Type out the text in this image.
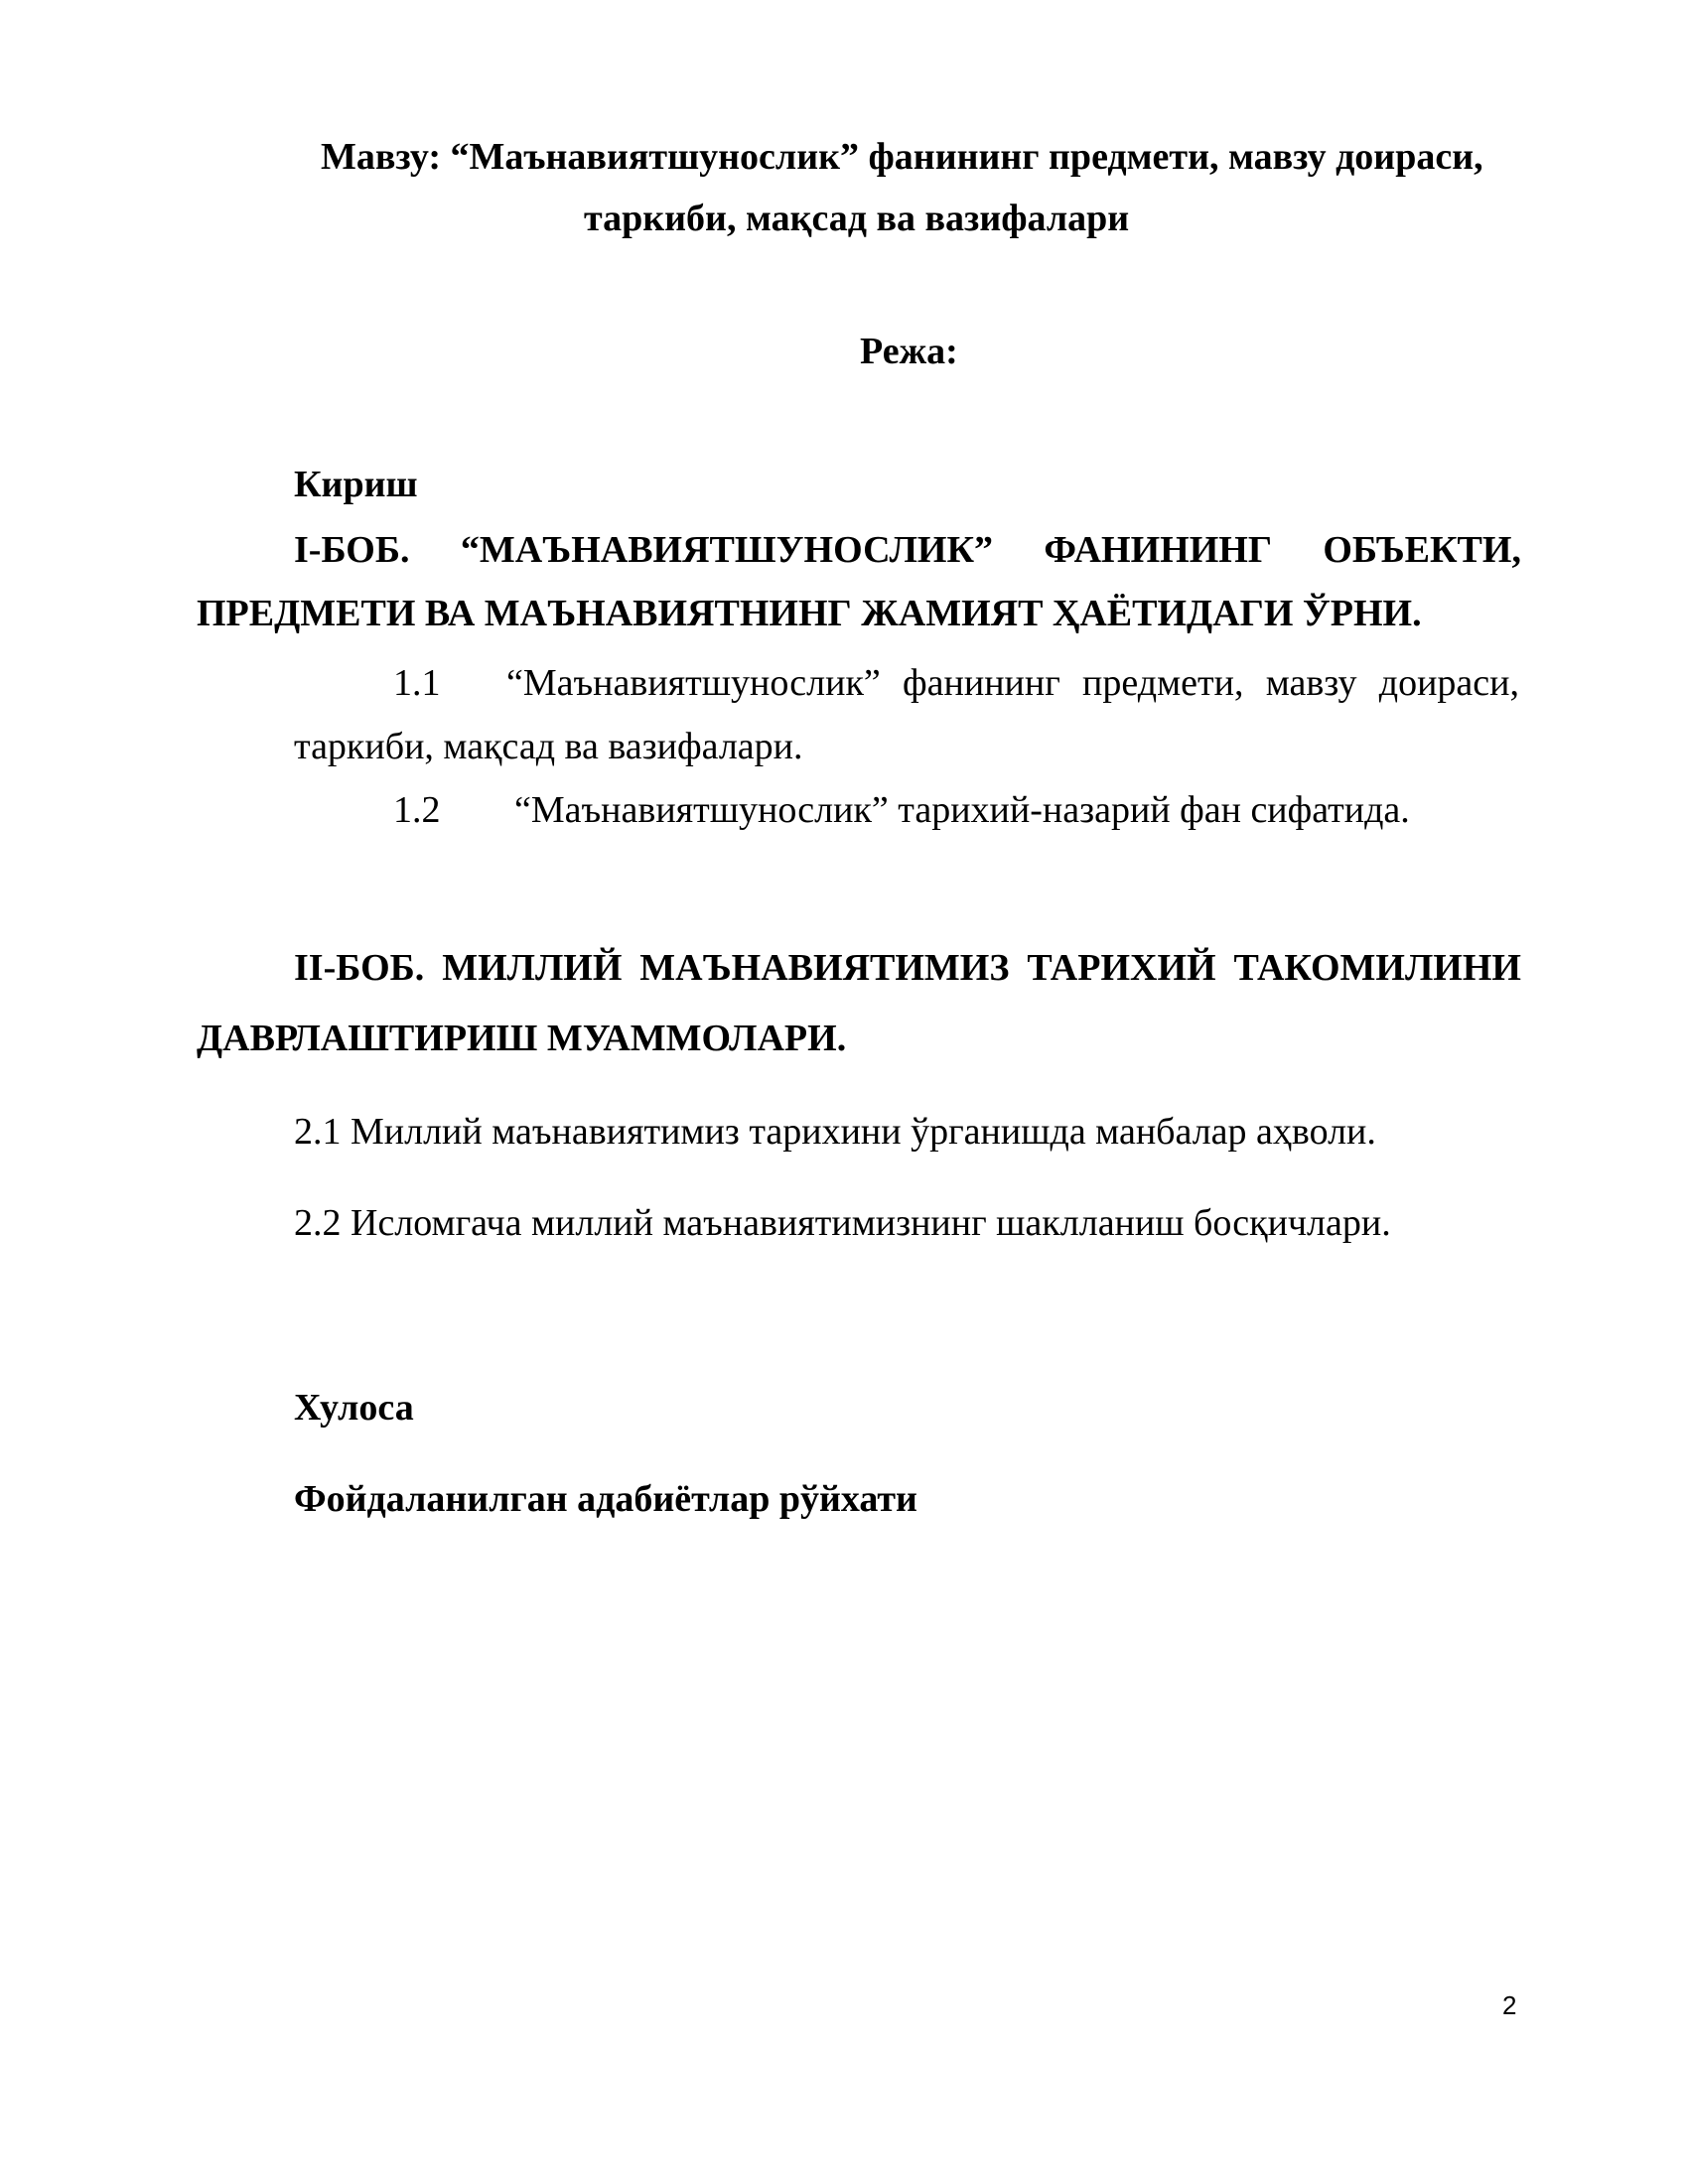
Мавзу: “Маънавиятшунослик” фанининг предмети, мавзу доираси,
таркиби, мақсад ва вазифалари
Режа:
Кириш
I-БОБ. “МАЪНАВИЯТШУНОСЛИК” ФАНИНИНГ ОБЪЕКТИ,
ПРЕДМЕТИ ВА МАЪНАВИЯТНИНГ ЖАМИЯТ ҲАЁТИДАГИ ЎРНИ.
1.1 “Маънавиятшунослик” фанининг предмети, мавзу доираси,
таркиби, мақсад ва вазифалари.
1.2 “Маънавиятшунослик” тарихий-назарий фан сифатида.
II-БОБ. МИЛЛИЙ МАЪНАВИЯТИМИЗ ТАРИХИЙ ТАКОМИЛИНИ
ДАВРЛАШТИРИШ МУАММОЛАРИ.
2.1 Миллий маънавиятимиз тарихини ўрганишда манбалар аҳволи.
2.2 Исломгача миллий маънавиятимизнинг шаклланиш босқичлари.
Хулоса
Фойдаланилган адабиётлар рўйхати
2
